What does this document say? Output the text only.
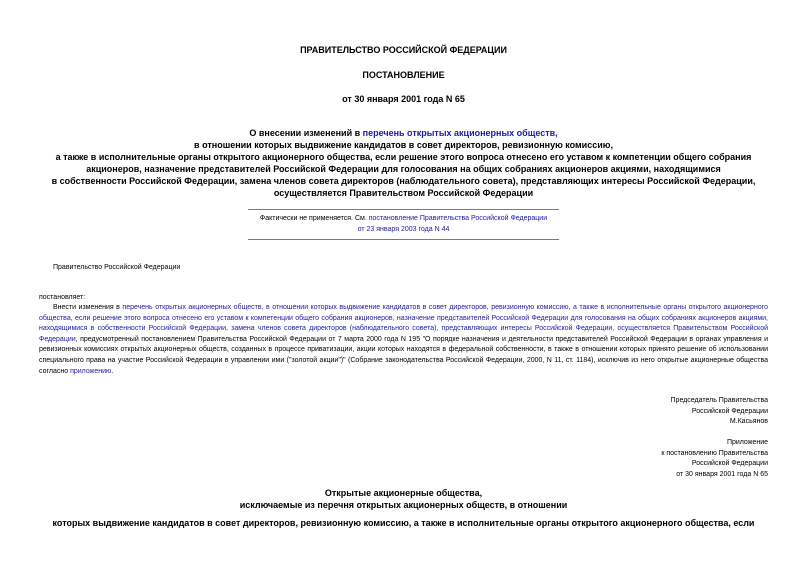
ПРАВИТЕЛЬСТВО РОССИЙСКОЙ ФЕДЕРАЦИИ
ПОСТАНОВЛЕНИЕ
от 30 января 2001 года N 65
О внесении изменений в перечень открытых акционерных обществ,
в отношении которых выдвижение кандидатов в совет директоров, ревизионную комиссию,
а также в исполнительные органы открытого акционерного общества, если решение этого вопроса отнесено его уставом к компетенции общего собрания
акционеров, назначение представителей Российской Федерации для голосования на общих собраниях акционеров акциями, находящимися
в собственности Российской Федерации, замена членов совета директоров (наблюдательного совета), представляющих интересы Российской Федерации,
осуществляется Правительством Российской Федерации
Фактически не применяется. См. постановление Правительства Российской Федерации
от 23 января 2003 года N 44
Правительство Российской Федерации
постановляет:
Внести изменения в перечень открытых акционерных обществ, в отношении которых выдвижение кандидатов в совет директоров, ревизионную комиссию, а также в исполнительные органы открытого акционерного общества, если решение этого вопроса отнесено его уставом к компетенции общего собрания акционеров, назначение представителей Российской Федерации для голосования на общих собраниях акционеров акциями, находящимися в собственности Российской Федерации, замена членов совета директоров (наблюдательного совета), представляющих интересы Российской Федерации, осуществляется Правительством Российской Федерации, предусмотренный постановлением Правительства Российской Федерации от 7 марта 2000 года N 195 "О порядке назначения и деятельности представителей Российской Федерации в органах управления и ревизионных комиссиях открытых акционерных обществ, созданных в процессе приватизации, акции которых находятся в федеральной собственности, в также в отношении которых принято решение об использовании специального права на участие Российской Федерации в управлении ими ("золотой акции")" (Собрание законодательства Российской Федерации, 2000, N 11, ст. 1184), исключив из него открытые акционерные общества согласно приложению.
Председатель Правительства
Российской Федерации
М.Касьянов
Приложение
к постановлению Правительства
Российской Федерации
от 30 января 2001 года N 65
Открытые акционерные общества,
исключаемые из перечня открытых акционерных обществ, в отношении
которых выдвижение кандидатов в совет директоров, ревизионную комиссию, а также в исполнительные органы открытого акционерного общества, если
